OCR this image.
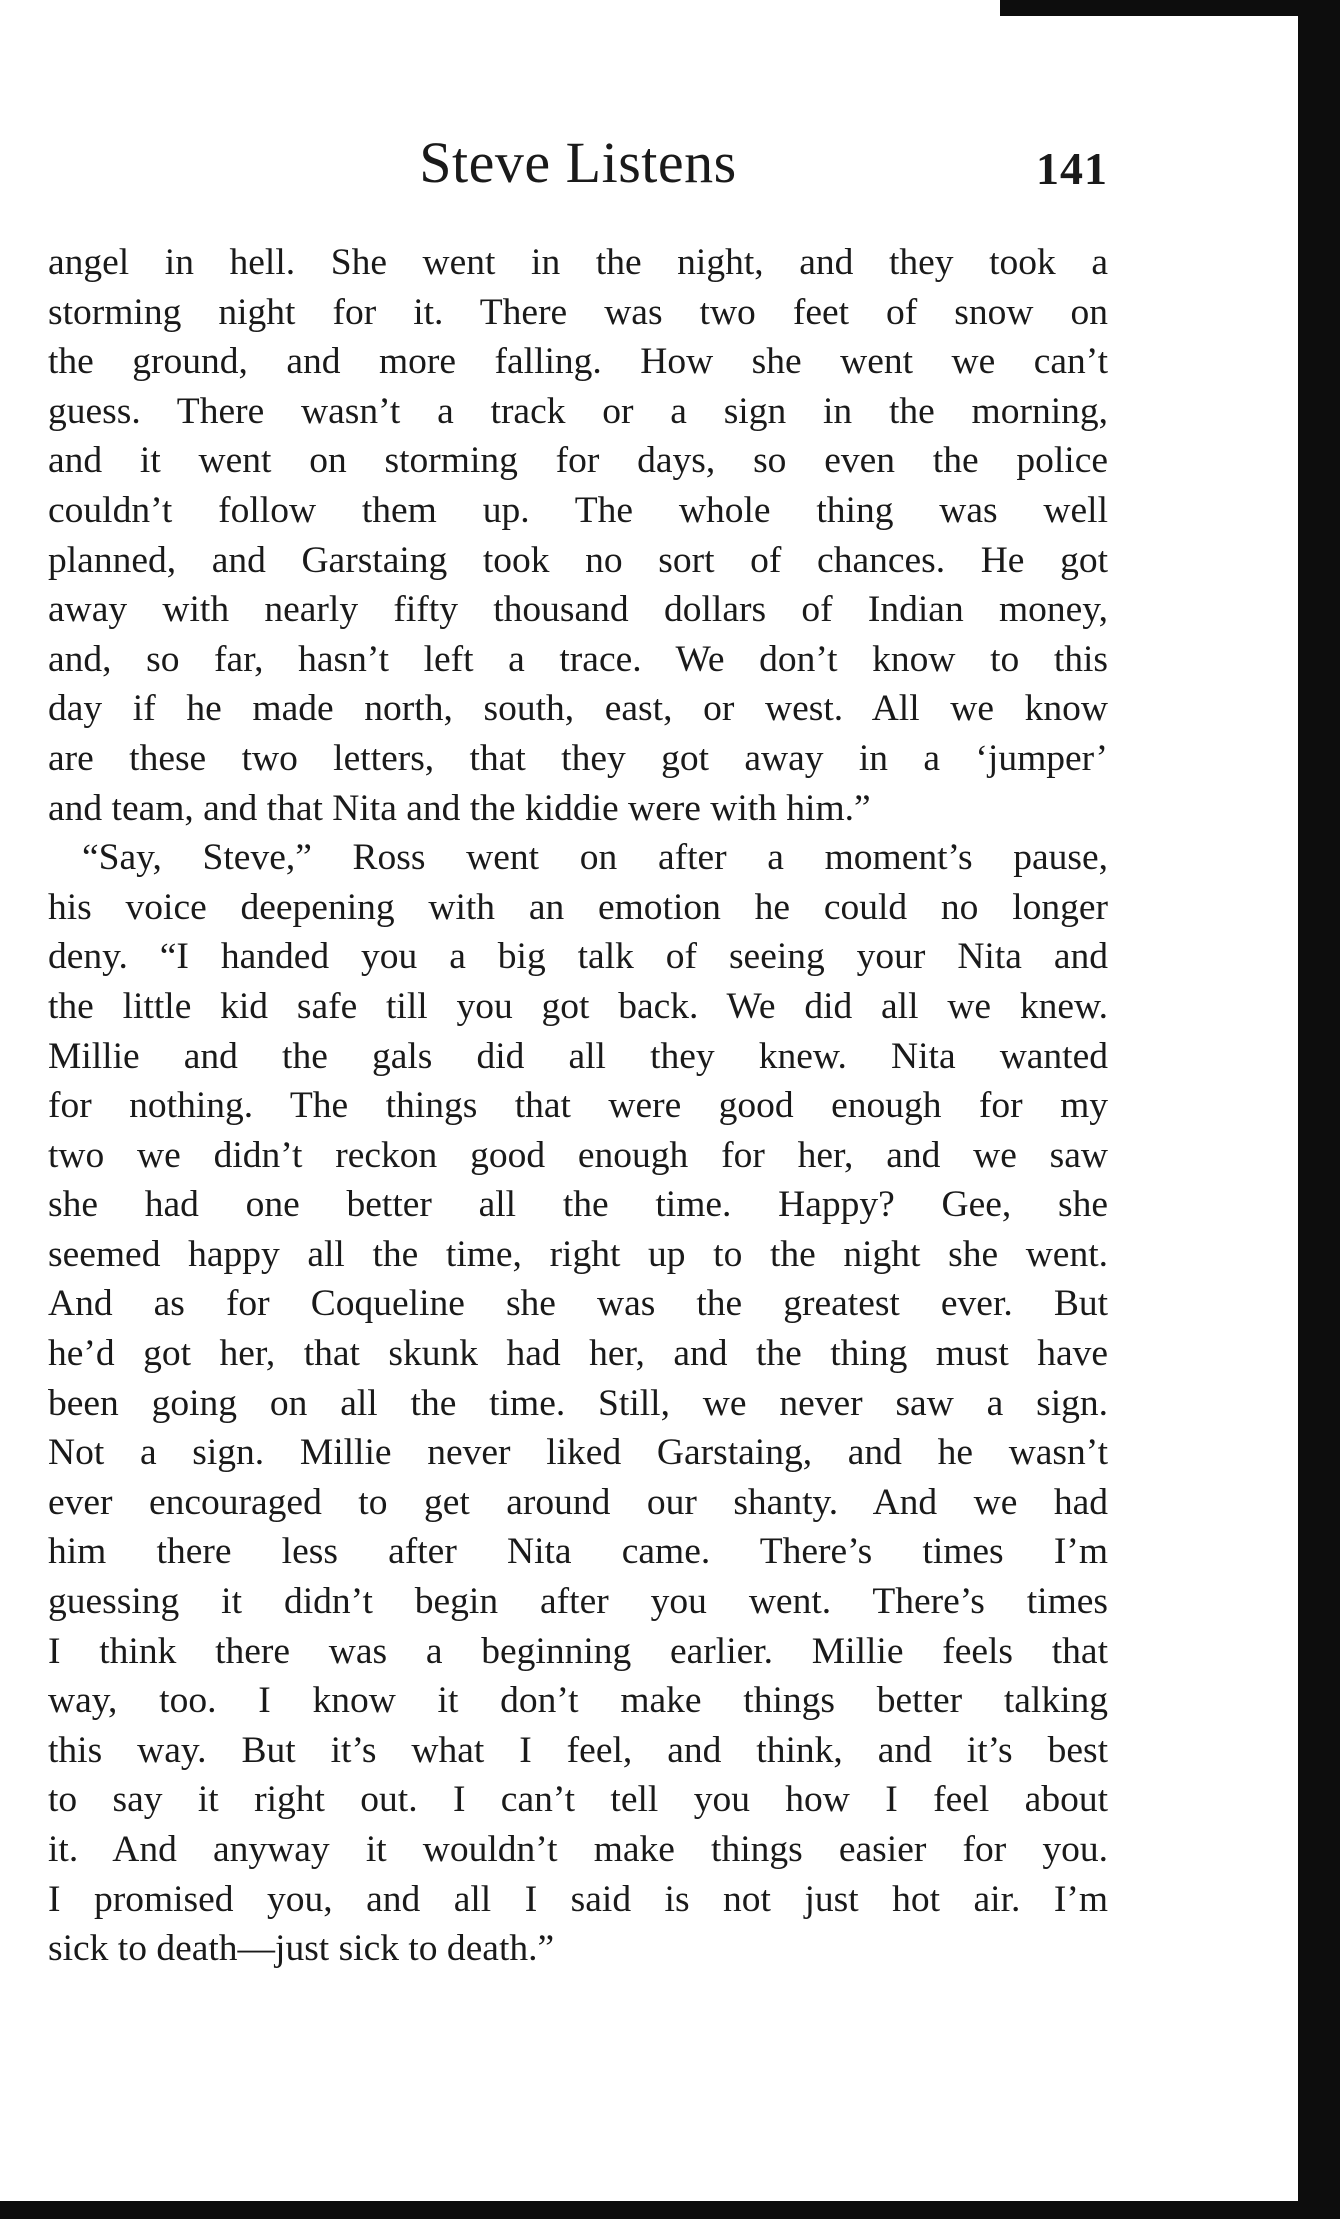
Steve Listens	141
angel in hell. She went in the night, and they took a
storming night for it. There was two feet of snow on
the ground, and more falling. How she went we can’t
guess. There wasn’t a track or a sign in the morning,
and it went on storming for days, so even the police
couldn’t follow them up. The whole thing was well
planned, and Garstaing took no sort of chances. He got
away with nearly fifty thousand dollars of Indian money,
and, so far, hasn’t left a trace. We don’t know to this
day if he made north, south, east, or west. All we know
are these two letters, that they got away in a ‘jumper’
and team, and that Nita and the kiddie were with him.”
“Say, Steve,” Ross went on after a moment’s pause,
his voice deepening with an emotion he could no longer
deny. “I handed you a big talk of seeing your Nita and
the little kid safe till you got back. We did all we knew.
Millie and the gals did all they knew. Nita wanted
for nothing. The things that were good enough for my
two we didn’t reckon good enough for her, and we saw
she had one better all the time. Happy? Gee, she
seemed happy all the time, right up to the night she went.
And as for Coqueline she was the greatest ever. But
he’d got her, that skunk had her, and the thing must have
been going on all the time. Still, we never saw a sign.
Not a sign. Millie never liked Garstaing, and he wasn’t
ever encouraged to get around our shanty. And we had
him there less after Nita came. There’s times I’m
guessing it didn’t begin after you went. There’s times
I think there was a beginning earlier. Millie feels that
way, too. I know it don’t make things better talking
this way. But it’s what I feel, and think, and it’s best
to say it right out. I can’t tell you how I feel about
it. And anyway it wouldn’t make things easier for you.
I promised you, and all I said is not just hot air. I’m
sick to death—just sick to death.”
